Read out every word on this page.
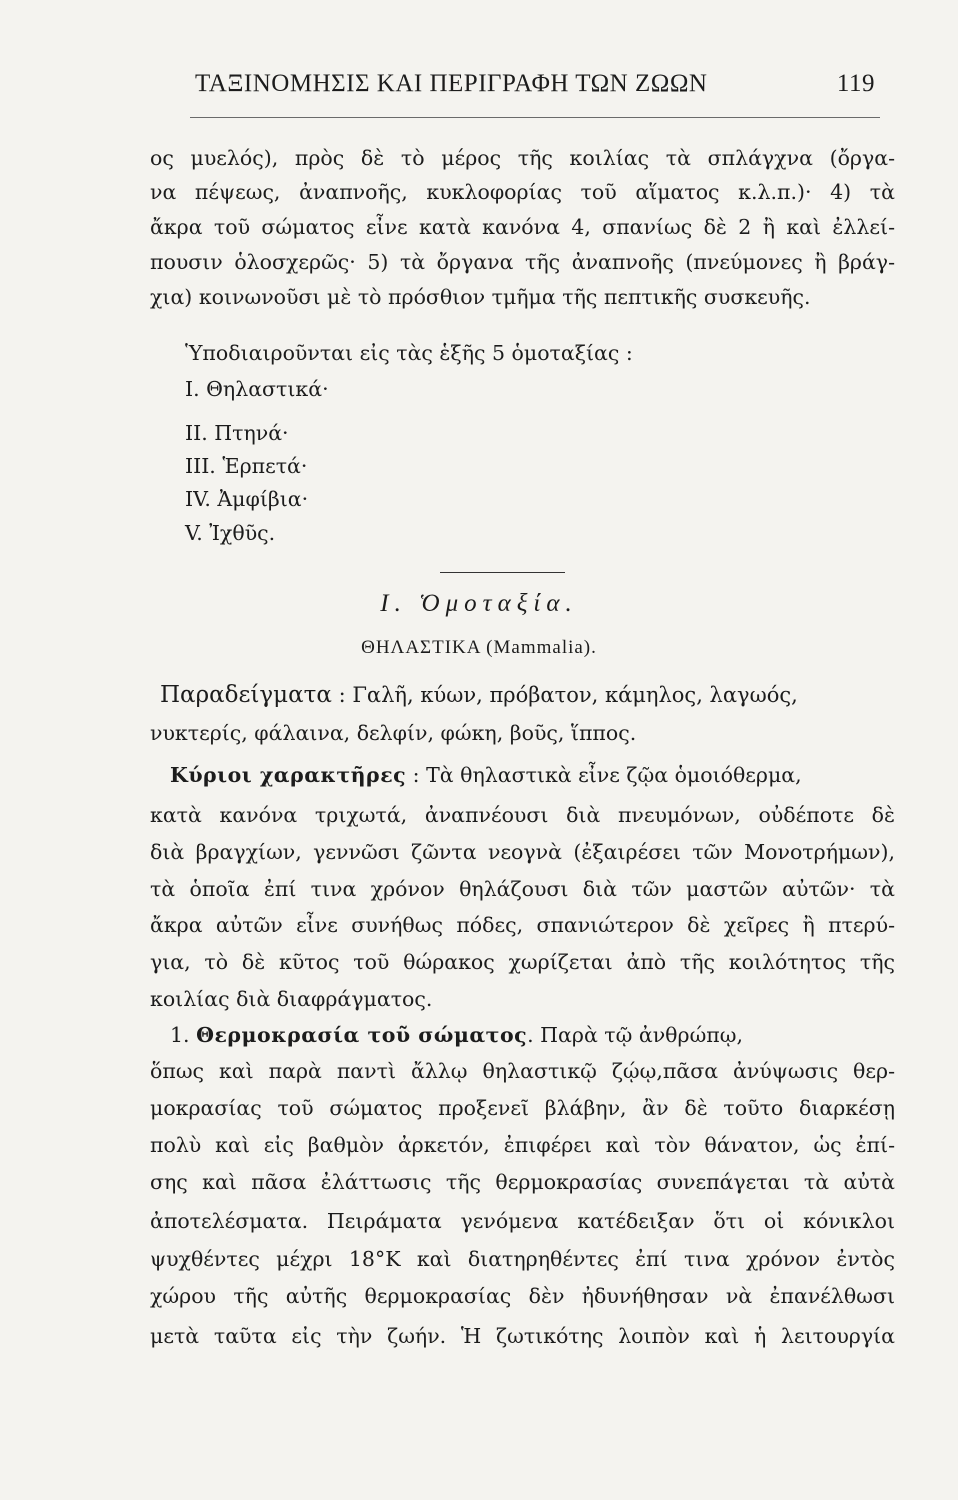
ΤΑΞΙΝΟΜΗΣΙΣ ΚΑΙ ΠΕΡΙΓΡΑΦΗ ΤΩΝ ΖΩΩΝ	119
ος μυελός), πρὸς δὲ τὸ μέρος τῆς κοιλίας τὰ σπλάγχνα (ὄργα-
να πέψεως, ἀναπνοῆς, κυκλοφορίας τοῦ αἵματος κ.λ.π.)· 4) τὰ
ἄκρα τοῦ σώματος εἶνε κατὰ κανόνα 4, σπανίως δὲ 2 ἢ καὶ ἐλλεί-
πουσιν ὁλοσχερῶς· 5) τὰ ὄργανα τῆς ἀναπνοῆς (πνεύμονες ἢ βράγ-
χια) κοινωνοῦσι μὲ τὸ πρόσθιον τμῆμα τῆς πεπτικῆς συσκευῆς.
Ὑποδιαιροῦνται εἰς τὰς ἑξῆς 5 ὁμοταξίας :
I. Θηλαστικά·
II. Πτηνά·
III. Ἑρπετά·
IV. Ἀμφίβια·
V. Ἰχθῦς.
I. Ὁμοταξία.
ΘΗΛΑΣΤΙΚΑ (Mammalia).
Παραδείγματα : Γαλῆ, κύων, πρόβατον, κάμηλος, λαγωός,
νυκτερίς, φάλαινα, δελφίν, φώκη, βοῦς, ἵππος.
Κύριοι χαρακτῆρες : Τὰ θηλαστικὰ εἶνε ζῷα ὁμοιόθερμα,
κατὰ κανόνα τριχωτά, ἀναπνέουσι διὰ πνευμόνων, οὐδέποτε δὲ
διὰ βραγχίων, γεννῶσι ζῶντα νεογνὰ (ἐξαιρέσει τῶν Μονοτρήμων),
τὰ ὁποῖα ἐπί τινα χρόνον θηλάζουσι διὰ τῶν μαστῶν αὐτῶν· τὰ
ἄκρα αὐτῶν εἶνε συνήθως πόδες, σπανιώτερον δὲ χεῖρες ἢ πτερύ-
για, τὸ δὲ κῦτος τοῦ θώρακος χωρίζεται ἀπὸ τῆς κοιλότητος τῆς
κοιλίας διὰ διαφράγματος.
1. Θερμοκρασία τοῦ σώματος. Παρὰ τῷ ἀνθρώπῳ,
ὅπως καὶ παρὰ παντὶ ἄλλῳ θηλαστικῷ ζῴῳ,πᾶσα ἀνύψωσις θερ-
μοκρασίας τοῦ σώματος προξενεῖ βλάβην, ἂν δὲ τοῦτο διαρκέσῃ
πολὺ καὶ εἰς βαθμὸν ἀρκετόν, ἐπιφέρει καὶ τὸν θάνατον, ὡς ἐπί-
σης καὶ πᾶσα ἐλάττωσις τῆς θερμοκρασίας συνεπάγεται τὰ αὐτὰ
ἀποτελέσματα. Πειράματα γενόμενα κατέδειξαν ὅτι οἱ κόνικλοι
ψυχθέντες μέχρι 18°Κ καὶ διατηρηθέντες ἐπί τινα χρόνον ἐντὸς
χώρου τῆς αὐτῆς θερμοκρασίας δὲν ἠδυνήθησαν νὰ ἐπανέλθωσι
μετὰ ταῦτα εἰς τὴν ζωήν. Ἡ ζωτικότης λοιπὸν καὶ ἡ λειτουργία
